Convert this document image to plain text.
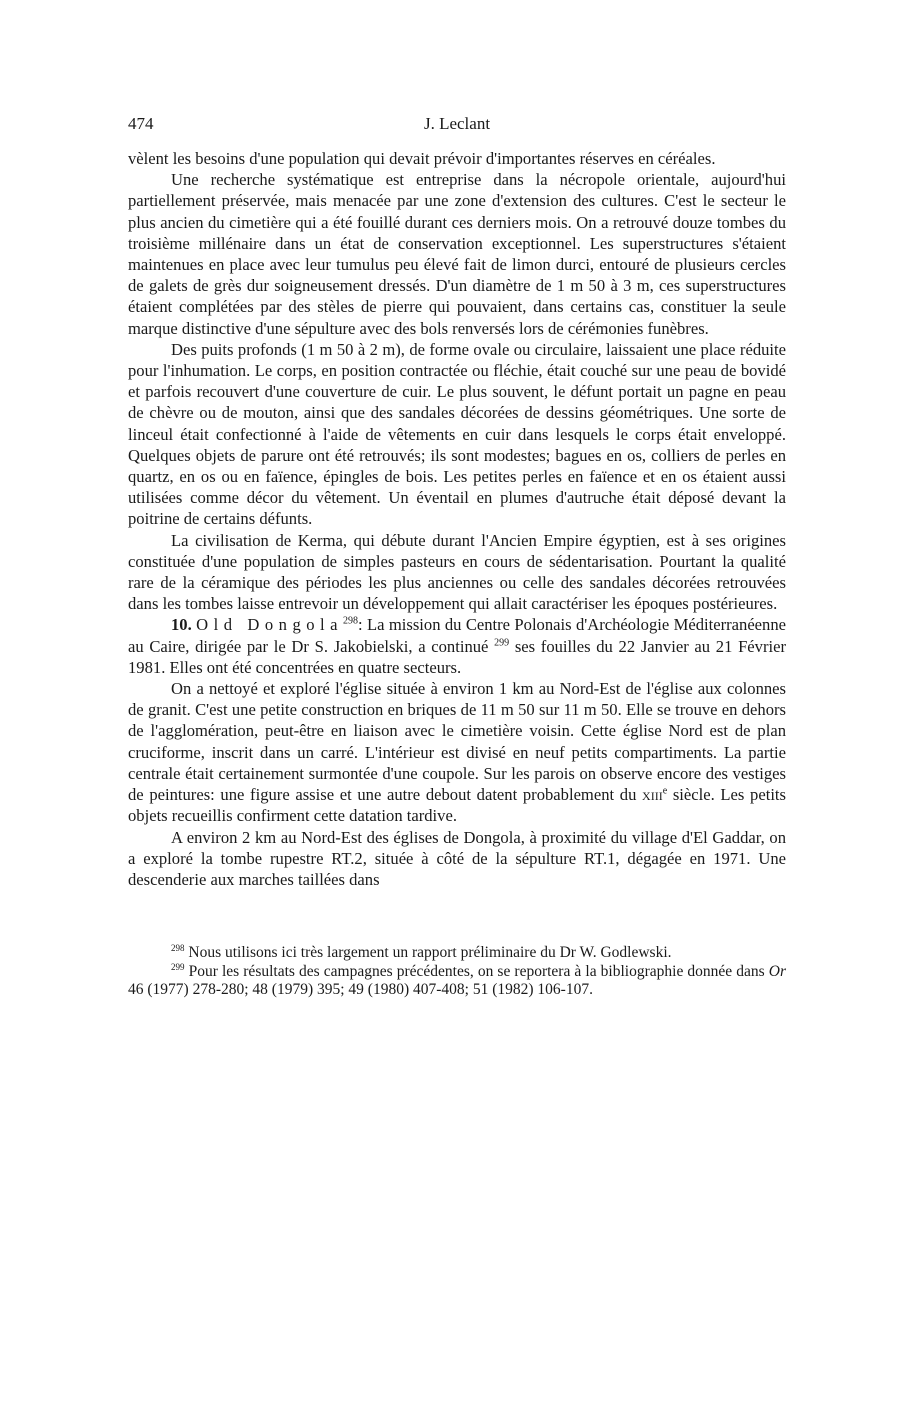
474	J. Leclant

vèlent les besoins d'une population qui devait prévoir d'importantes réserves en céréales.

Une recherche systématique est entreprise dans la nécropole orientale, aujourd'hui partiellement préservée, mais menacée par une zone d'extension des cultures. C'est le secteur le plus ancien du cimetière qui a été fouillé durant ces derniers mois. On a retrouvé douze tombes du troisième millénaire dans un état de conservation exceptionnel. Les superstructures s'étaient maintenues en place avec leur tumulus peu élevé fait de limon durci, entouré de plusieurs cercles de galets de grès dur soigneusement dressés. D'un diamètre de 1 m 50 à 3 m, ces superstructures étaient complétées par des stèles de pierre qui pouvaient, dans certains cas, constituer la seule marque distinctive d'une sépulture avec des bols renversés lors de cérémonies funèbres.

Des puits profonds (1 m 50 à 2 m), de forme ovale ou circulaire, laissaient une place réduite pour l'inhumation. Le corps, en position contractée ou fléchie, était couché sur une peau de bovidé et parfois recouvert d'une couverture de cuir. Le plus souvent, le défunt portait un pagne en peau de chèvre ou de mouton, ainsi que des sandales décorées de dessins géométriques. Une sorte de linceul était confectionné à l'aide de vêtements en cuir dans lesquels le corps était enveloppé. Quelques objets de parure ont été retrouvés; ils sont modestes; bagues en os, colliers de perles en quartz, en os ou en faïence, épingles de bois. Les petites perles en faïence et en os étaient aussi utilisées comme décor du vêtement. Un éventail en plumes d'autruche était déposé devant la poitrine de certains défunts.

La civilisation de Kerma, qui débute durant l'Ancien Empire égyptien, est à ses origines constituée d'une population de simples pasteurs en cours de sédentarisation. Pourtant la qualité rare de la céramique des périodes les plus anciennes ou celle des sandales décorées retrouvées dans les tombes laisse entrevoir un développement qui allait caractériser les époques postérieures.

10. Old Dongola$^{298}$: La mission du Centre Polonais d'Archéologie Méditerranéenne au Caire, dirigée par le Dr S. Jakobielski, a continué $^{299}$ ses fouilles du 22 Janvier au 21 Février 1981. Elles ont été concentrées en quatre secteurs.

On a nettoyé et exploré l'église située à environ 1 km au Nord-Est de l'église aux colonnes de granit. C'est une petite construction en briques de 11 m 50 sur 11 m 50. Elle se trouve en dehors de l'agglomération, peut-être en liaison avec le cimetière voisin. Cette église Nord est de plan cruciforme, inscrit dans un carré. L'intérieur est divisé en neuf petits compartiments. La partie centrale était certainement surmontée d'une coupole. Sur les parois on observe encore des vestiges de peintures: une figure assise et une autre debout datent probablement du xiii$^e$ siècle. Les petits objets recueillis confirment cette datation tardive.

A environ 2 km au Nord-Est des églises de Dongola, à proximité du village d'El Gaddar, on a exploré la tombe rupestre RT.2, située à côté de la sépulture RT.1, dégagée en 1971. Une descenderie aux marches taillées dans

$^{298}$ Nous utilisons ici très largement un rapport préliminaire du Dr W. Godlewski.

$^{299}$ Pour les résultats des campagnes précédentes, on se reportera à la bibliographie donnée dans Or 46 (1977) 278-280; 48 (1979) 395; 49 (1980) 407-408; 51 (1982) 106-107.
